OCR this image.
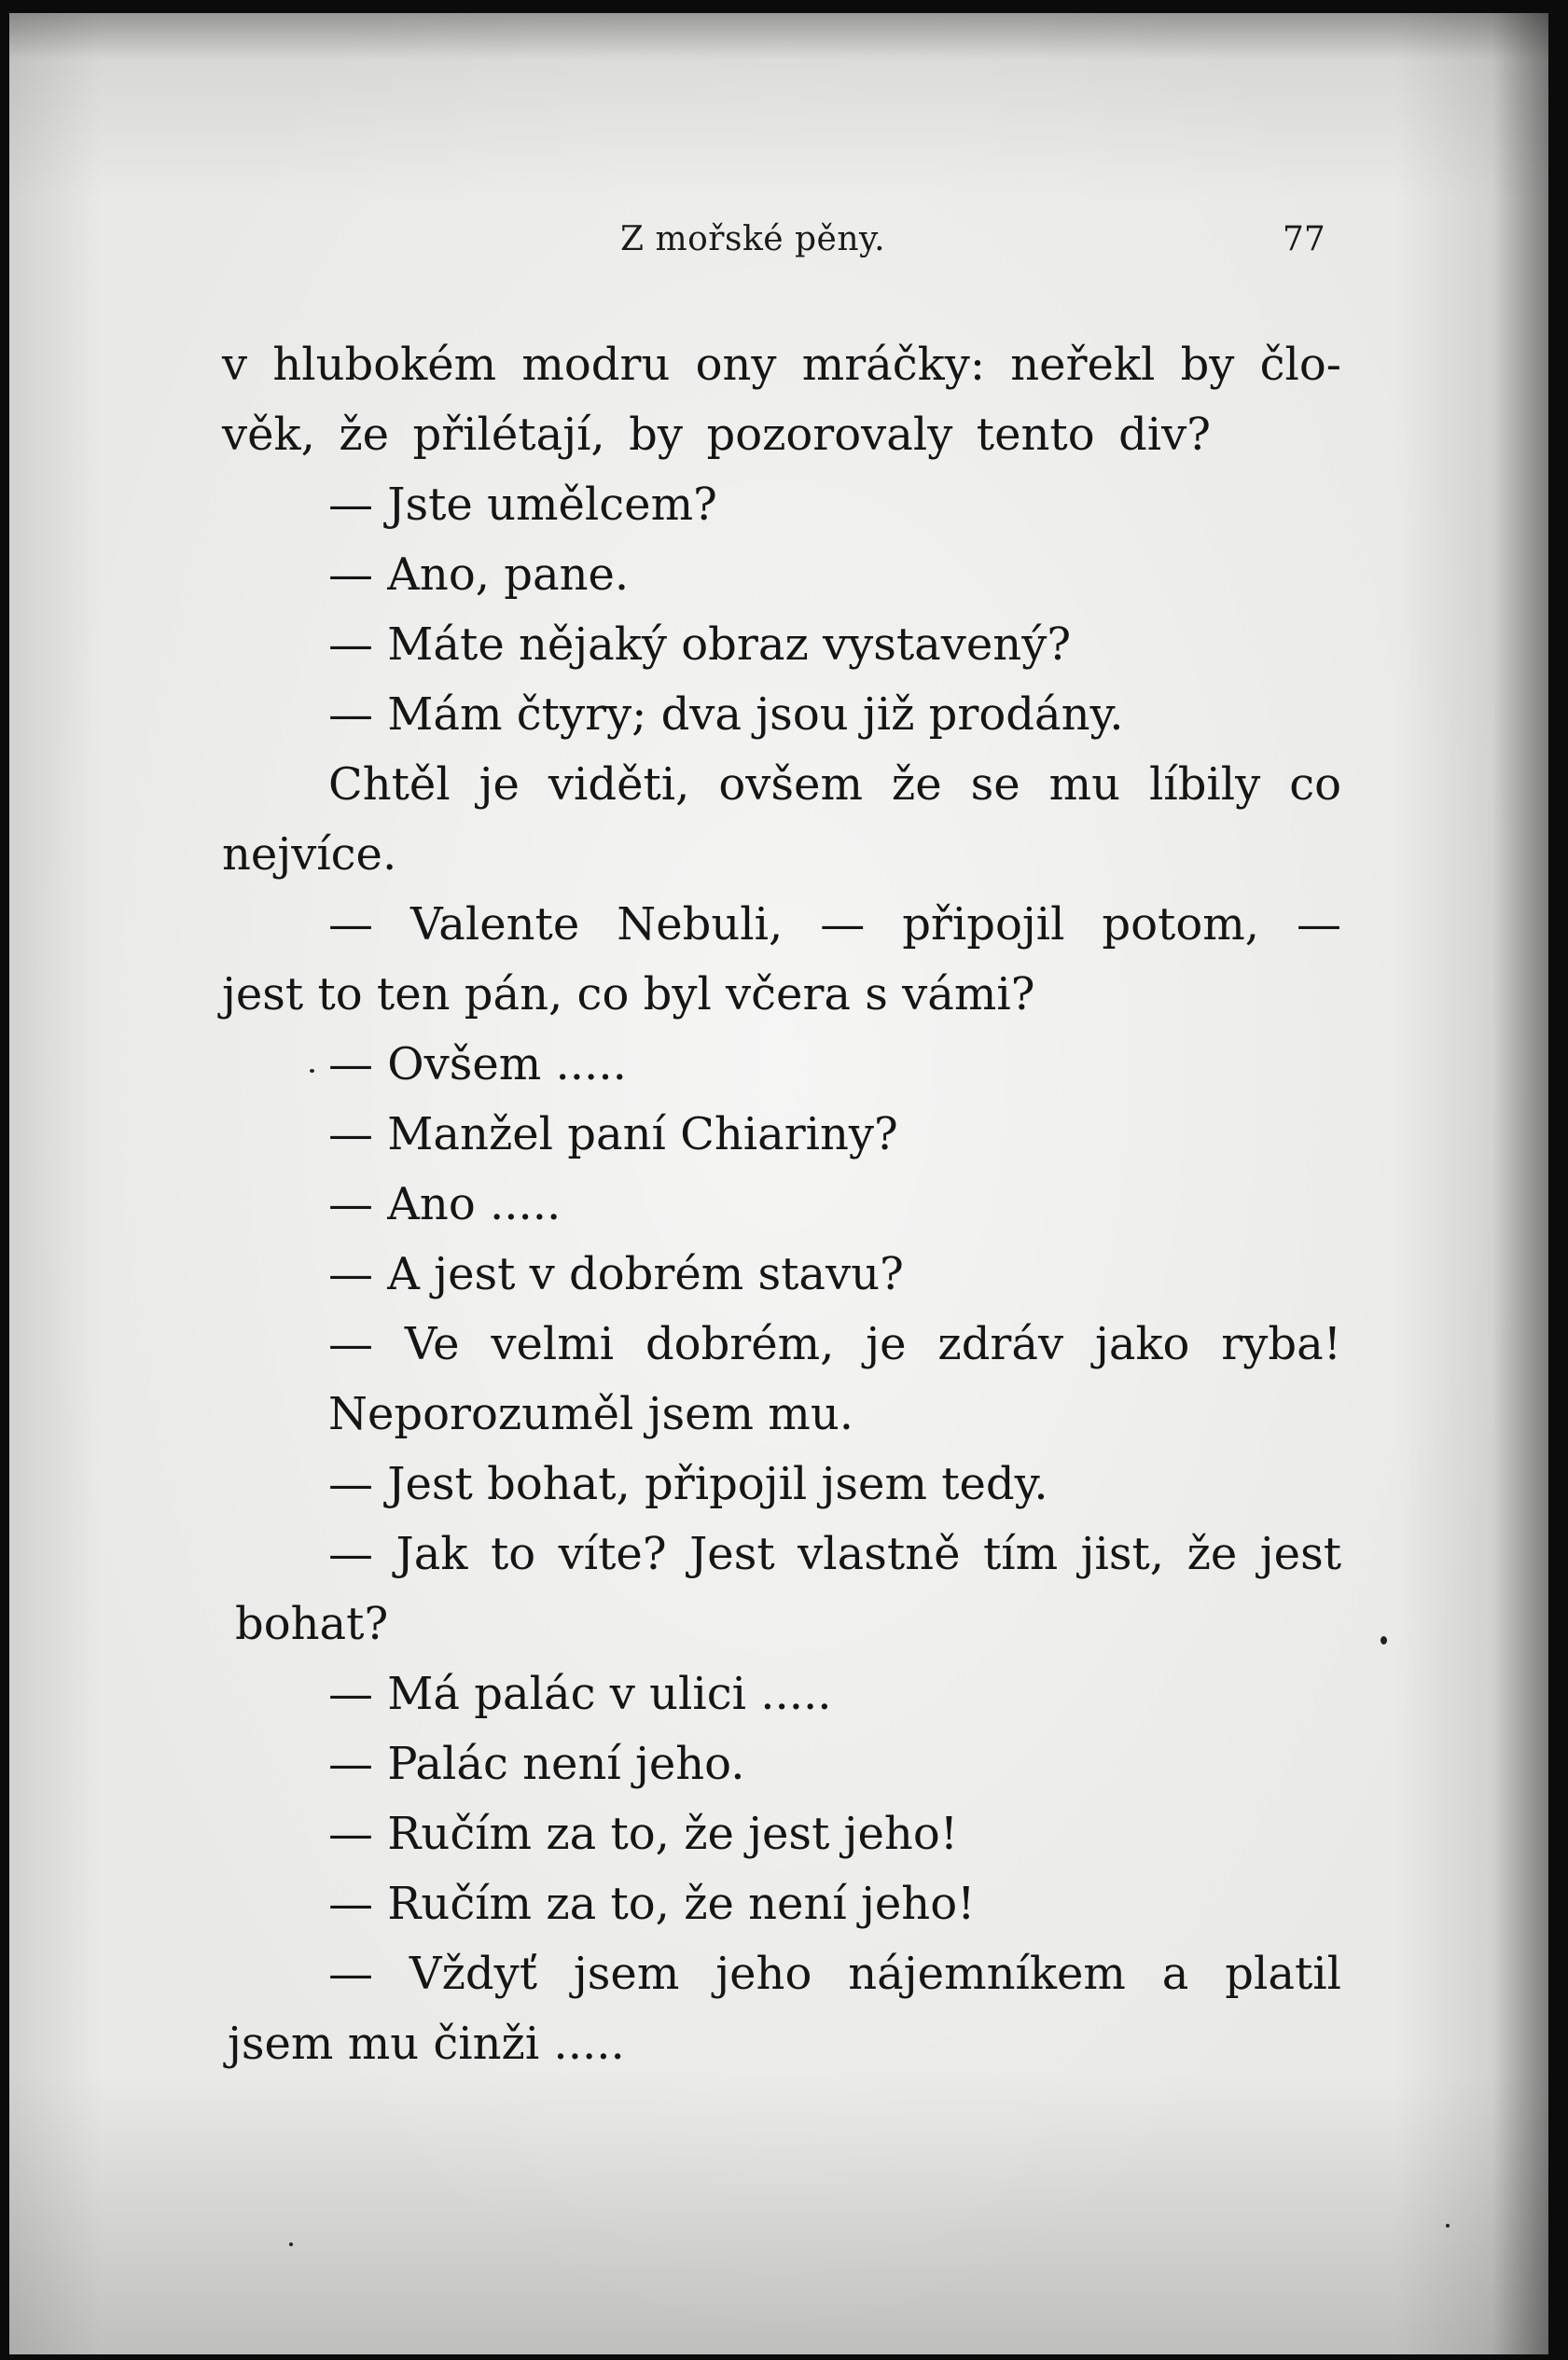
Z mořské pěny.	77
v hlubokém modru ony mráčky: neřekl by člo-
věk, že přilétají, by pozorovaly tento div?
— Jste umělcem?
— Ano, pane.
— Máte nějaký obraz vystavený?
— Mám čtyry; dva jsou již prodány.
Chtěl je viděti, ovšem že se mu líbily co
nejvíce.
— Valente Nebuli, — připojil potom, —
jest to ten pán, co byl včera s vámi?
— Ovšem .....
— Manžel paní Chiariny?
— Ano .....
— A jest v dobrém stavu?
— Ve velmi dobrém, je zdráv jako ryba!
Neporozuměl jsem mu.
— Jest bohat, připojil jsem tedy.
— Jak to víte? Jest vlastně tím jist, že jest
bohat?
— Má palác v ulici .....
— Palác není jeho.
— Ručím za to, že jest jeho!
— Ručím za to, že není jeho!
— Vždyť jsem jeho nájemníkem a platil
jsem mu činži .....
